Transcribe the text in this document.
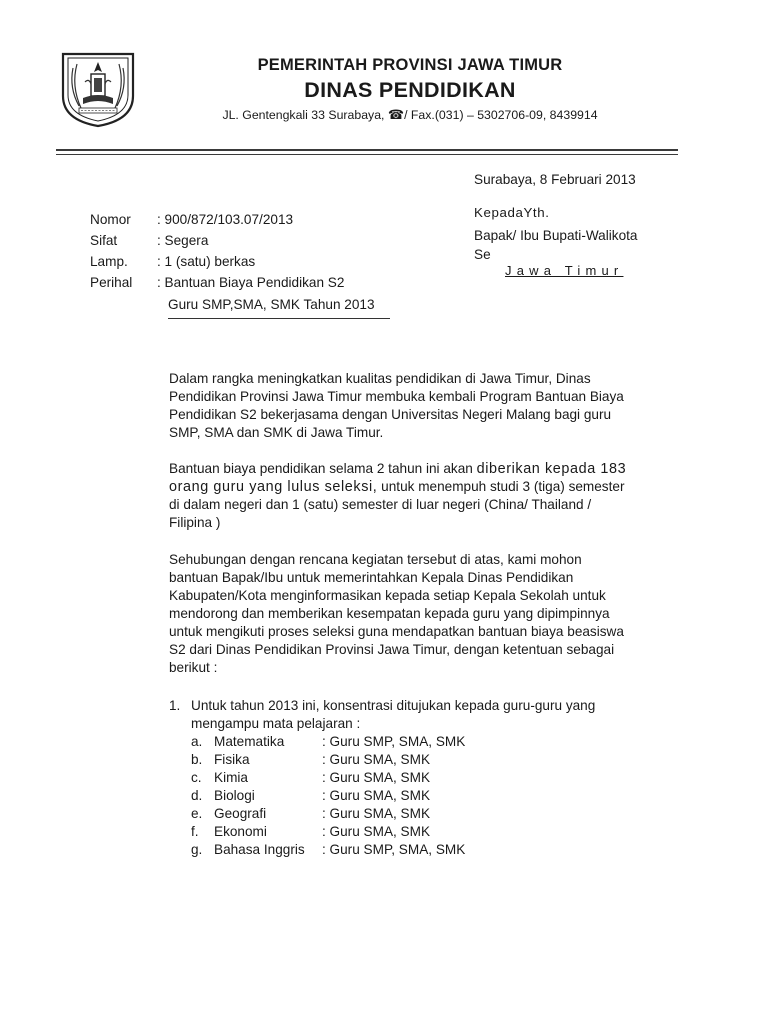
PEMERINTAH PROVINSI JAWA TIMUR
DINAS PENDIDIKAN
JL. Gentengkali 33 Surabaya, ☎/ Fax.(031) – 5302706-09, 8439914
Surabaya, 8 Februari 2013
Nomor : 900/872/103.07/2013
Sifat	: Segera
Lamp. : 1 (satu) berkas
Perihal : Bantuan Biaya Pendidikan S2
Guru SMP,SMA, SMK Tahun 2013
KepadaYth.
Bapak/ Ibu Bupati-Walikota
Se
Jawa Timur
Dalam rangka meningkatkan kualitas pendidikan di Jawa Timur, Dinas
Pendidikan Provinsi Jawa Timur membuka kembali Program Bantuan Biaya
Pendidikan S2 bekerjasama dengan Universitas Negeri Malang bagi guru
SMP, SMA dan SMK di Jawa Timur.
Bantuan biaya pendidikan selama 2 tahun ini akan diberikan kepada 183
orang guru yang lulus seleksi, untuk menempuh studi 3 (tiga) semester
di dalam negeri dan 1 (satu) semester di luar negeri (China/ Thailand /
Filipina )
Sehubungan dengan rencana kegiatan tersebut di atas, kami mohon
bantuan Bapak/Ibu untuk memerintahkan Kepala Dinas Pendidikan
Kabupaten/Kota menginformasikan kepada setiap Kepala Sekolah untuk
mendorong dan memberikan kesempatan kepada guru yang dipimpinnya
untuk mengikuti proses seleksi guna mendapatkan bantuan biaya beasiswa
S2 dari Dinas Pendidikan Provinsi Jawa Timur, dengan ketentuan sebagai
berikut :
1. Untuk tahun 2013 ini, konsentrasi ditujukan kepada guru-guru yang
mengampu mata pelajaran :
a. Matematika	: Guru SMP, SMA, SMK
b. Fisika	: Guru SMA, SMK
c. Kimia	: Guru SMA, SMK
d. Biologi	: Guru SMA, SMK
e. Geografi	: Guru SMA, SMK
f. Ekonomi	: Guru SMA, SMK
g. Bahasa Inggris : Guru SMP, SMA, SMK
